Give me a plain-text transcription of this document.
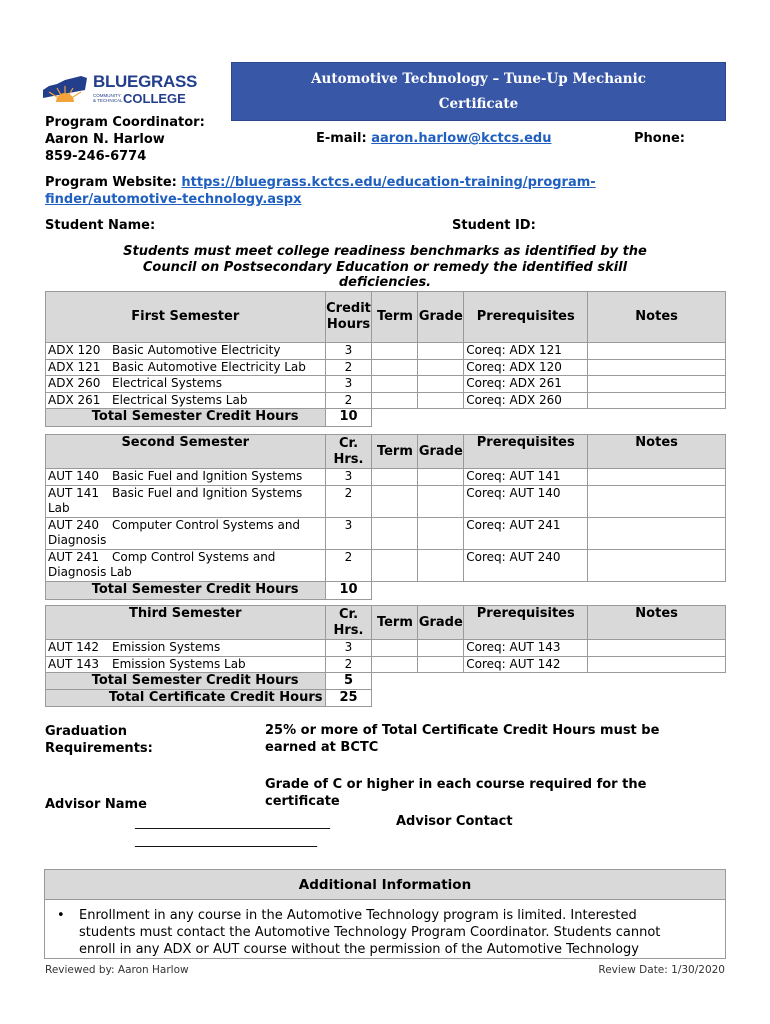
BLUEGRASS
COMMUNITY & TECHNICAL COLLEGE
Automotive Technology – Tune-Up Mechanic
Certificate
Program Coordinator:
Aaron N. Harlow
859-246-6774
E-mail: aaron.harlow@kctcs.edu	Phone:
Program Website: https://bluegrass.kctcs.edu/education-training/program-
finder/automotive-technology.aspx
Student Name:	Student ID:
Students must meet college readiness benchmarks as identified by the
Council on Postsecondary Education or remedy the identified skill
deficiencies.
First Semester	Credit Hours	Term	Grade	Prerequisites	Notes
ADX 120 Basic Automotive Electricity	3			Coreq: ADX 121	
ADX 121 Basic Automotive Electricity Lab	2			Coreq: ADX 120	
ADX 260 Electrical Systems	3			Coreq: ADX 261	
ADX 261 Electrical Systems Lab	2			Coreq: ADX 260	
Total Semester Credit Hours	10				
Second Semester	Cr. Hrs.	Term	Grade	Prerequisites	Notes
AUT 140 Basic Fuel and Ignition Systems	3			Coreq: AUT 141	
AUT 141 Basic Fuel and Ignition Systems Lab	2			Coreq: AUT 140	
AUT 240 Computer Control Systems and Diagnosis	3			Coreq: AUT 241	
AUT 241 Comp Control Systems and Diagnosis Lab	2			Coreq: AUT 240	
Total Semester Credit Hours	10				
Third Semester	Cr. Hrs.	Term	Grade	Prerequisites	Notes
AUT 142 Emission Systems	3			Coreq: AUT 143	
AUT 143 Emission Systems Lab	2			Coreq: AUT 142	
Total Semester Credit Hours	5				
Total Certificate Credit Hours	25				
Graduation
Requirements:
25% or more of Total Certificate Credit Hours must be
earned at BCTC
Grade of C or higher in each course required for the
certificate
Advisor Name
______________________________
____________________________
Advisor Contact
Additional Information
• Enrollment in any course in the Automotive Technology program is limited. Interested
students must contact the Automotive Technology Program Coordinator. Students cannot
enroll in any ADX or AUT course without the permission of the Automotive Technology
Reviewed by: Aaron Harlow	Review Date: 1/30/2020
